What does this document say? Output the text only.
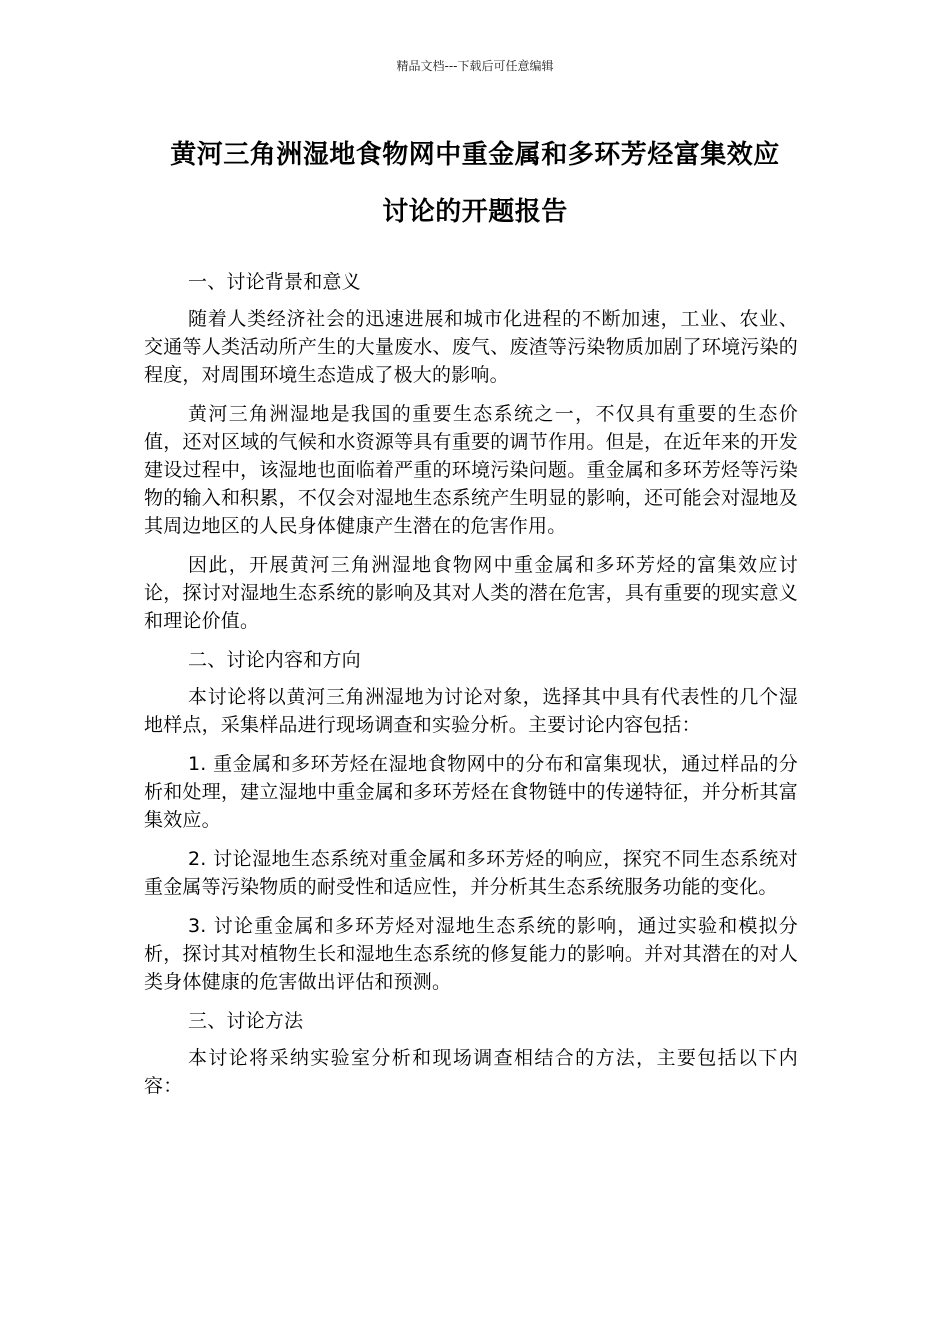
精品文档---下载后可任意编辑
黄河三角洲湿地食物网中重金属和多环芳烃富集效应
讨论的开题报告

一、讨论背景和意义

随着人类经济社会的迅速进展和城市化进程的不断加速，工业、农业、交通等人类活动所产生的大量废水、废气、废渣等污染物质加剧了环境污染的程度，对周围环境生态造成了极大的影响。

黄河三角洲湿地是我国的重要生态系统之一，不仅具有重要的生态价值，还对区域的气候和水资源等具有重要的调节作用。但是，在近年来的开发建设过程中，该湿地也面临着严重的环境污染问题。重金属和多环芳烃等污染物的输入和积累，不仅会对湿地生态系统产生明显的影响，还可能会对湿地及其周边地区的人民身体健康产生潜在的危害作用。

因此，开展黄河三角洲湿地食物网中重金属和多环芳烃的富集效应讨论，探讨对湿地生态系统的影响及其对人类的潜在危害，具有重要的现实意义和理论价值。

二、讨论内容和方向

本讨论将以黄河三角洲湿地为讨论对象，选择其中具有代表性的几个湿地样点，采集样品进行现场调查和实验分析。主要讨论内容包括：

1. 重金属和多环芳烃在湿地食物网中的分布和富集现状，通过样品的分析和处理，建立湿地中重金属和多环芳烃在食物链中的传递特征，并分析其富集效应。

2. 讨论湿地生态系统对重金属和多环芳烃的响应，探究不同生态系统对重金属等污染物质的耐受性和适应性，并分析其生态系统服务功能的变化。

3. 讨论重金属和多环芳烃对湿地生态系统的影响，通过实验和模拟分析，探讨其对植物生长和湿地生态系统的修复能力的影响。并对其潜在的对人类身体健康的危害做出评估和预测。

三、讨论方法

本讨论将采纳实验室分析和现场调查相结合的方法，主要包括以下内容：
